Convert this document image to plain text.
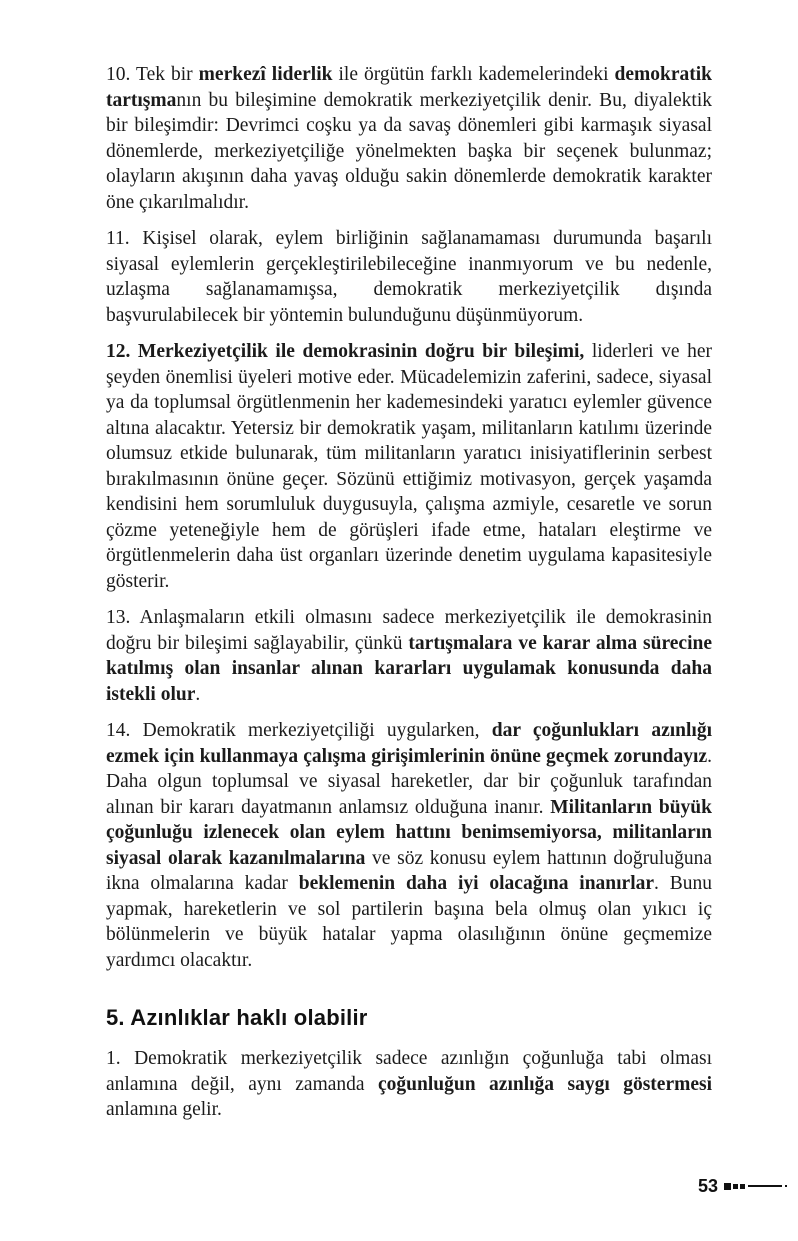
10. Tek bir merkezî liderlik ile örgütün farklı kademelerindeki demokratik tartışmanın bu bileşimine demokratik merkeziyetçilik denir. Bu, diyalektik bir bileşimdir: Devrimci coşku ya da savaş dönemleri gibi karmaşık siyasal dönemlerde, merkeziyetçiliğe yönelmekten başka bir seçenek bulunmaz; olayların akışının daha yavaş olduğu sakin dönemlerde demokratik karakter öne çıkarılmalıdır.

11. Kişisel olarak, eylem birliğinin sağlanamaması durumunda başarılı siyasal eylemlerin gerçekleştirilebileceğine inanmıyorum ve bu nedenle, uzlaşma sağlanamamışsa, demokratik merkeziyetçilik dışında başvurulabilecek bir yöntemin bulunduğunu düşünmüyorum.

12. Merkeziyetçilik ile demokrasinin doğru bir bileşimi, liderleri ve her şeyden önemlisi üyeleri motive eder. Mücadelemizin zaferini, sadece, siyasal ya da toplumsal örgütlenmenin her kademesindeki yaratıcı eylemler güvence altına alacaktır. Yetersiz bir demokratik yaşam, militanların katılımı üzerinde olumsuz etkide bulunarak, tüm militanların yaratıcı inisiyatiflerinin serbest bırakılmasının önüne geçer. Sözünü ettiğimiz motivasyon, gerçek yaşamda kendisini hem sorumluluk duygusuyla, çalışma azmiyle, cesaretle ve sorun çözme yeteneğiyle hem de görüşleri ifade etme, hataları eleştirme ve örgütlenmelerin daha üst organları üzerinde denetim uygulama kapasitesiyle gösterir.

13. Anlaşmaların etkili olmasını sadece merkeziyetçilik ile demokrasinin doğru bir bileşimi sağlayabilir, çünkü tartışmalara ve karar alma sürecine katılmış olan insanlar alınan kararları uygulamak konusunda daha istekli olur.

14. Demokratik merkeziyetçiliği uygularken, dar çoğunlukları azınlığı ezmek için kullanmaya çalışma girişimlerinin önüne geçmek zorundayız. Daha olgun toplumsal ve siyasal hareketler, dar bir çoğunluk tarafından alınan bir kararı dayatmanın anlamsız olduğuna inanır. Militanların büyük çoğunluğu izlenecek olan eylem hattını benimsemiyorsa, militanların siyasal olarak kazanılmalarına ve söz konusu eylem hattının doğruluğuna ikna olmalarına kadar beklemenin daha iyi olacağına inanırlar. Bunu yapmak, hareketlerin ve sol partilerin başına bela olmuş olan yıkıcı iç bölünmelerin ve büyük hatalar yapma olasılığının önüne geçmemize yardımcı olacaktır.

5. Azınlıklar haklı olabilir

1. Demokratik merkeziyetçilik sadece azınlığın çoğunluğa tabi olması anlamına değil, aynı zamanda çoğunluğun azınlığa saygı göstermesi anlamına gelir.

53
